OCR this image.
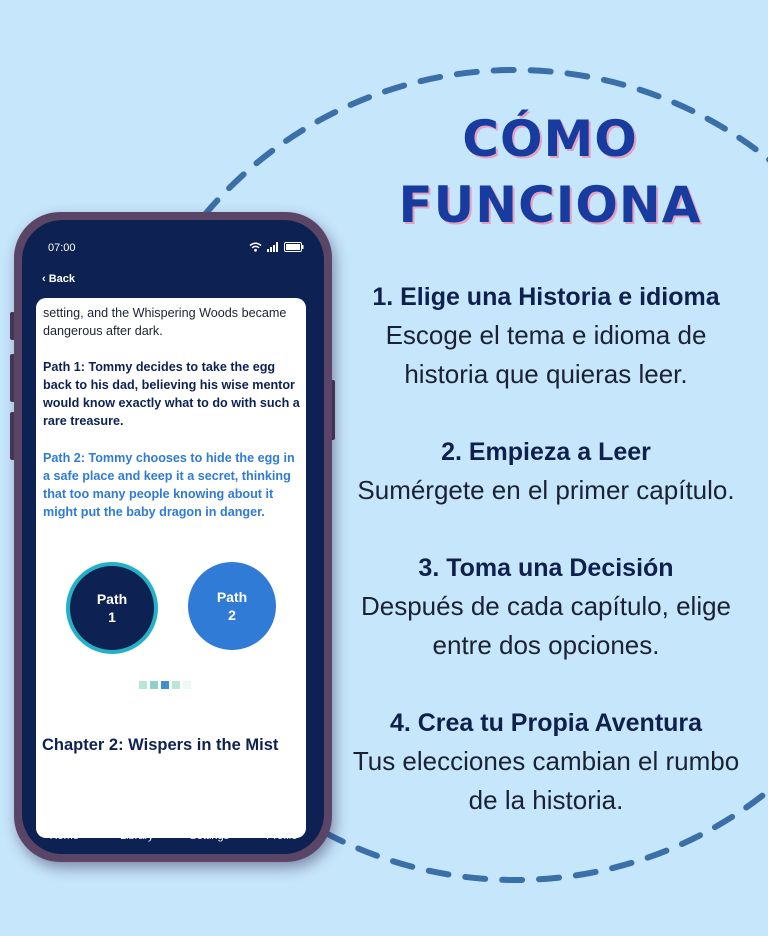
CÓMO
FUNCIONA
1. Elige una Historia e idioma
Escoge el tema e idioma de
historia que quieras leer.
2. Empieza a Leer
Sumérgete en el primer capítulo.
3. Toma una Decisión
Después de cada capítulo, elige
entre dos opciones.
4. Crea tu Propia Aventura
Tus elecciones cambian el rumbo
de la historia.
07:00
‹ Back
setting, and the Whispering Woods became dangerous after dark.
Path 1: Tommy decides to take the egg back to his dad, believing his wise mentor would know exactly what to do with such a rare treasure.
Path 2: Tommy chooses to hide the egg in a safe place and keep it a secret, thinking that too many people knowing about it might put the baby dragon in danger.
Path
1
Path
2
Chapter 2: Wispers in the Mist
Home	Library	Settings	Profile
